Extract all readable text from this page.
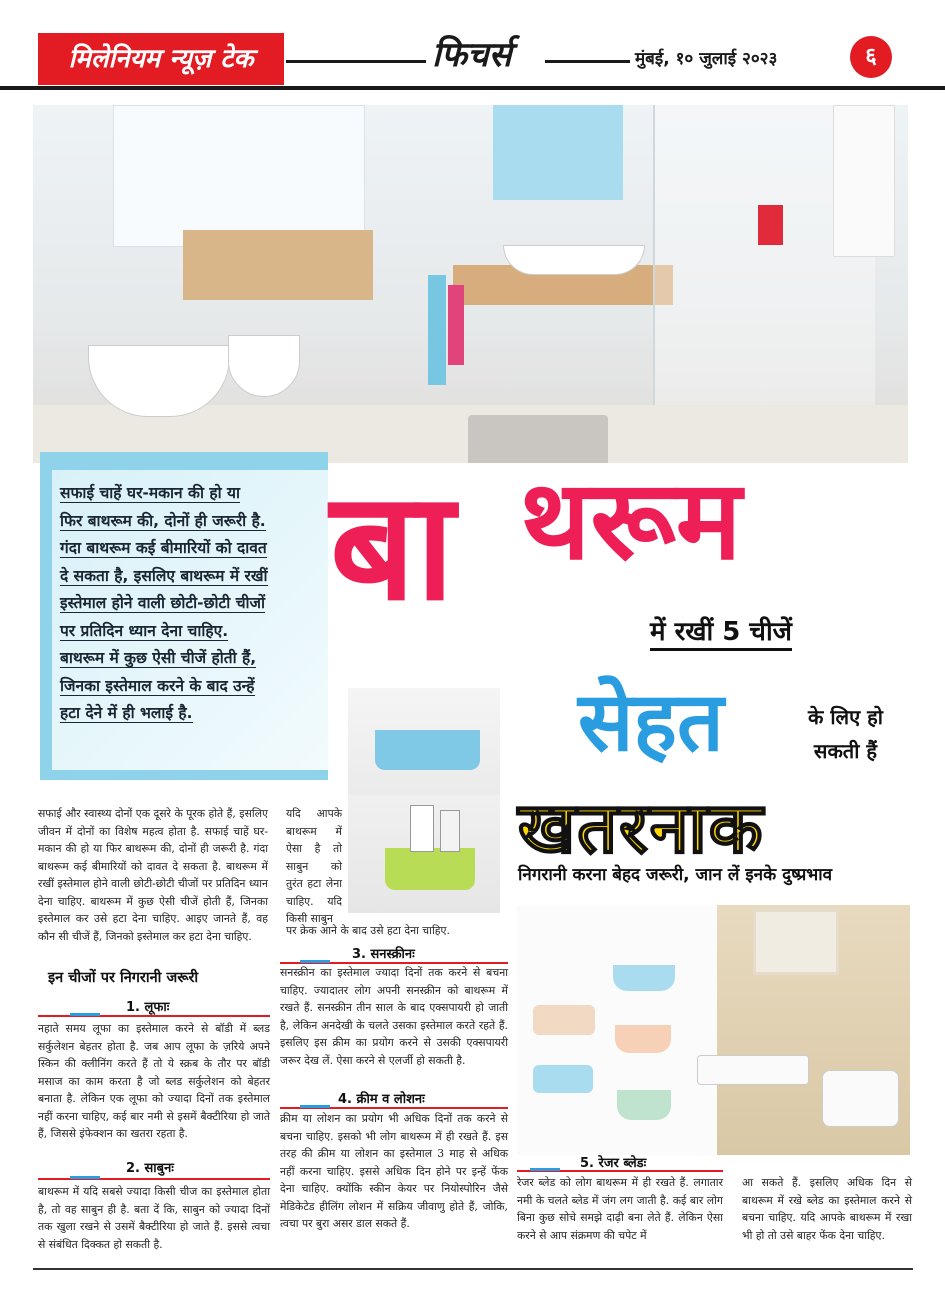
मिलेनियम न्यूज़ टेक	फिचर्स	मुंबई, १० जुलाई २०२३	६
सफाई चाहें घर-मकान की हो या
फिर बाथरूम की, दोनों ही जरूरी है.
गंदा बाथरूम कई बीमारियों को दावत
दे सकता है, इसलिए बाथरूम में रखीं
इस्तेमाल होने वाली छोटी-छोटी चीजों
पर प्रतिदिन ध्यान देना चाहिए.
बाथरूम में कुछ ऐसी चीजें होती हैं,
जिनका इस्तेमाल करने के बाद उन्हें
हटा देने में ही भलाई है.
बा थरूम
में रखीं 5 चीजें
सेहत	के लिए हो
सकती हैं
खतरनाक
निगरानी करना बेहद जरूरी, जान लें इनके दुष्प्रभाव
सफाई और स्वास्थ्य दोनों एक दूसरे के पूरक होते हैं, इसलिए जीवन में दोनों का विशेष महत्व होता है. सफाई चाहें घर-मकान की हो या फिर बाथरूम की, दोनों ही जरूरी है. गंदा बाथरूम कई बीमारियों को दावत दे सकता है. बाथरूम में रखीं इस्तेमाल होने वाली छोटी-छोटी चीजों पर प्रतिदिन ध्यान देना चाहिए. बाथरूम में कुछ ऐसी चीजें होती हैं, जिनका इस्तेमाल कर उसे हटा देना चाहिए. आइए जानते हैं, वह कौन सी चीजें हैं, जिनको इस्तेमाल कर हटा देना चाहिए.
यदि आपके बाथरूम में ऐसा है तो साबुन को तुरंत हटा लेना चाहिए. यदि किसी साबुन
पर क्रेक आने के बाद उसे हटा देना चाहिए.
इन चीजों पर निगरानी जरूरी
1. लूफाः
नहाते समय लूफा का इस्तेमाल करने से बॉडी में ब्लड सर्कुलेशन बेहतर होता है. जब आप लूफा के ज़रिये अपने स्किन की क्लीनिंग करते हैं तो ये स्क्रब के तौर पर बॉडी मसाज का काम करता है जो ब्लड सर्कुलेशन को बेहतर बनाता है. लेकिन एक लूफा को ज्यादा दिनों तक इस्तेमाल नहीं करना चाहिए, कई बार नमी से इसमें बैक्टीरिया हो जाते हैं, जिससे इंफेक्शन का खतरा रहता है.
2. साबुनः
बाथरूम में यदि सबसे ज्यादा किसी चीज का इस्तेमाल होता है, तो वह साबुन ही है. बता दें कि, साबुन को ज्यादा दिनों तक खुला रखने से उसमें बैक्टीरिया हो जाते हैं. इससे त्वचा से संबंधित दिक्कत हो सकती है.
3. सनस्क्रीनः
सनस्क्रीन का इस्तेमाल ज्यादा दिनों तक करने से बचना चाहिए. ज्यादातर लोग अपनी सनस्क्रीन को बाथरूम में रखते हैं. सनस्क्रीन तीन साल के बाद एक्सपायरी हो जाती है, लेकिन अनदेखी के चलते उसका इस्तेमाल करते रहते हैं. इसलिए इस क्रीम का प्रयोग करने से उसकी एक्सपायरी जरूर देख लें. ऐसा करने से एलर्जी हो सकती है.
4. क्रीम व लोशनः
क्रीम या लोशन का प्रयोग भी अधिक दिनों तक करने से बचना चाहिए. इसको भी लोग बाथरूम में ही रखते हैं. इस तरह की क्रीम या लोशन का इस्तेमाल 3 माह से अधिक नहीं करना चाहिए. इससे अधिक दिन होने पर इन्हें फेंक देना चाहिए. क्योंकि स्कीन केयर पर नियोस्पोरिन जैसे मेडिकेटेड हीलिंग लोशन में सक्रिय जीवाणु होते हैं, जोकि, त्वचा पर बुरा असर डाल सकते हैं.
5. रेजर ब्लेडः
रेजर ब्लेड को लोग बाथरूम में ही रखते हैं. लगातार नमी के चलते ब्लेड में जंग लग जाती है. कई बार लोग बिना कुछ सोचे समझे दाढ़ी बना लेते हैं. लेकिन ऐसा करने से आप संक्रमण की चपेट में
आ सकते हैं. इसलिए अधिक दिन से बाथरूम में रखे ब्लेड का इस्तेमाल करने से बचना चाहिए. यदि आपके बाथरूम में रखा भी हो तो उसे बाहर फेंक देना चाहिए.
